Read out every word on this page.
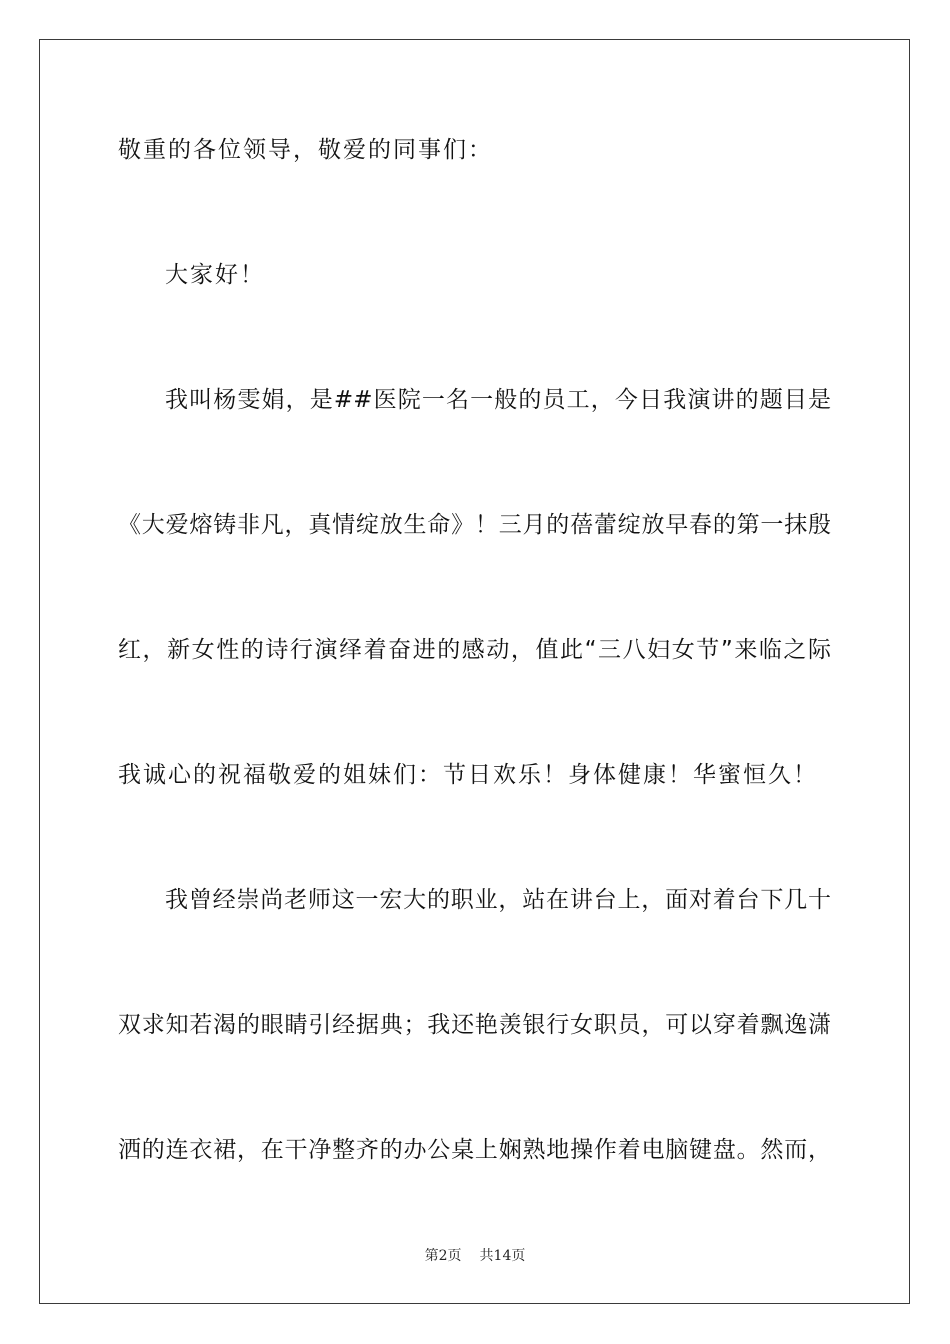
敬重的各位领导，敬爱的同事们：
大家好！
我叫杨雯娟，是##医院一名一般的员工，今日我演讲的题目是
《大爱熔铸非凡，真情绽放生命》！三月的蓓蕾绽放早春的第一抹殷
红，新女性的诗行演绎着奋进的感动，值此“三八妇女节”来临之际
我诚心的祝福敬爱的姐妹们：节日欢乐！身体健康！华蜜恒久！
我曾经崇尚老师这一宏大的职业，站在讲台上，面对着台下几十
双求知若渴的眼睛引经据典；我还艳羡银行女职员，可以穿着飘逸潇
洒的连衣裙，在干净整齐的办公桌上娴熟地操作着电脑键盘。然而，
第2页 共14页
